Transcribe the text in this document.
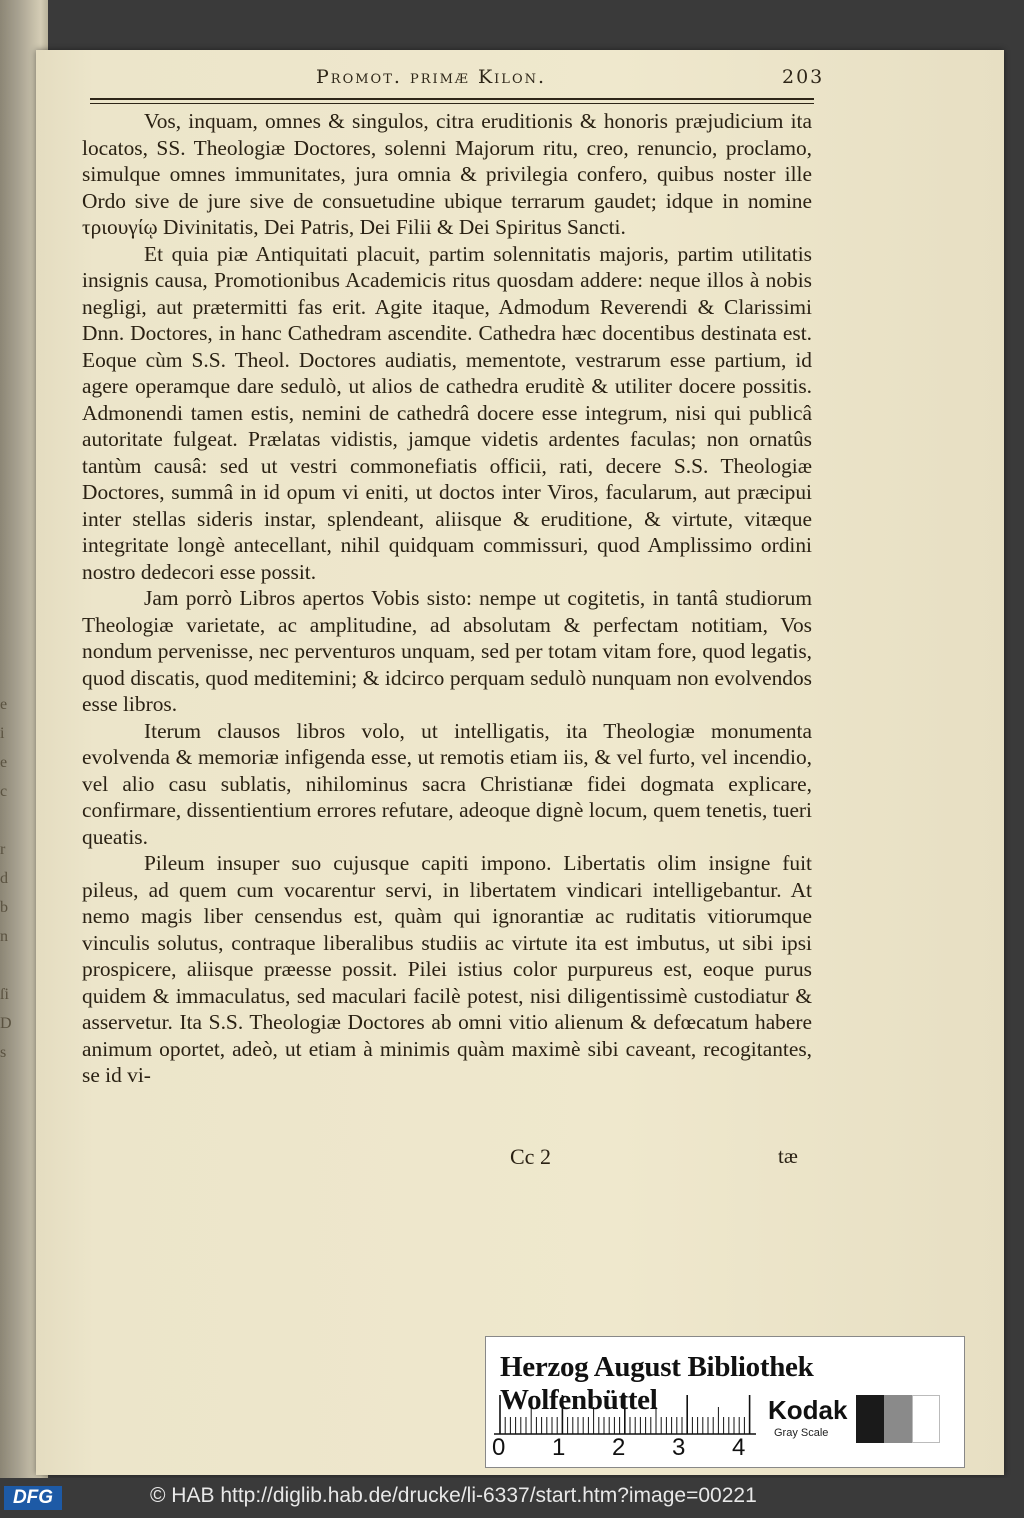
e
i
e
c

r
d
b
n

ſi
D
s
Promot. primæ Kilon.	203

Vos, inquam, omnes & singulos, citra eruditionis & honoris præjudicium ita locatos, SS. Theologiæ Doctores, solenni Majorum ritu, creo, renuncio, proclamo, simulque omnes immunitates, jura omnia & privilegia confero, quibus noster ille Ordo sive de jure sive de consuetudine ubique terrarum gaudet; idque in nomine τριουγίῳ Divinitatis, Dei Patris, Dei Filii & Dei Spiritus Sancti.

Et quia piæ Antiquitati placuit, partim solennitatis majoris, partim utilitatis insignis causa, Promotionibus Academicis ritus quosdam addere: neque illos à nobis negligi, aut prætermitti fas erit. Agite itaque, Admodum Reverendi & Clarissimi Dnn. Doctores, in hanc Cathedram ascendite. Cathedra hæc docentibus destinata est. Eoque cùm S.S. Theol. Doctores audiatis, mementote, vestrarum esse partium, id agere operamque dare sedulò, ut alios de cathedra eruditè & utiliter docere possitis. Admonendi tamen estis, nemini de cathedrâ docere esse integrum, nisi qui publicâ autoritate fulgeat. Prælatas vidistis, jamque videtis ardentes faculas; non ornatûs tantùm causâ: sed ut vestri commonefiatis officii, rati, decere S.S. Theologiæ Doctores, summâ in id opum vi eniti, ut doctos inter Viros, facularum, aut præcipui inter stellas sideris instar, splendeant, aliisque & eruditione, & virtute, vitæque integritate longè antecellant, nihil quidquam commissuri, quod Amplissimo ordini nostro dedecori esse possit.

Jam porrò Libros apertos Vobis sisto: nempe ut cogitetis, in tantâ studiorum Theologiæ varietate, ac amplitudine, ad absolutam & perfectam notitiam, Vos nondum pervenisse, nec perventuros unquam, sed per totam vitam fore, quod legatis, quod discatis, quod meditemini; & idcirco perquam sedulò nunquam non evolvendos esse libros.

Iterum clausos libros volo, ut intelligatis, ita Theologiæ monumenta evolvenda & memoriæ infigenda esse, ut remotis etiam iis, & vel furto, vel incendio, vel alio casu sublatis, nihilominus sacra Christianæ fidei dogmata explicare, confirmare, dissentientium errores refutare, adeoque dignè locum, quem tenetis, tueri queatis.

Pileum insuper suo cujusque capiti impono. Libertatis olim insigne fuit pileus, ad quem cum vocarentur servi, in libertatem vindicari intelligebantur. At nemo magis liber censendus est, quàm qui ignorantiæ ac ruditatis vitiorumque vinculis solutus, contraque liberalibus studiis ac virtute ita est imbutus, ut sibi ipsi prospicere, aliisque præesse possit. Pilei istius color purpureus est, eoque purus quidem & immaculatus, sed maculari facilè potest, nisi diligentissimè custodiatur & asservetur. Ita S.S. Theologiæ Doctores ab omni vitio alienum & defœcatum habere animum oportet, adeò, ut etiam à minimis quàm maximè sibi caveant, recogitantes, se id vi-

Cc 2	tæ
Herzog August Bibliothek Wolfenbüttel
0 1 2 3 4
Kodak
Gray Scale
DFG	© HAB http://diglib.hab.de/drucke/li-6337/start.htm?image=00221
